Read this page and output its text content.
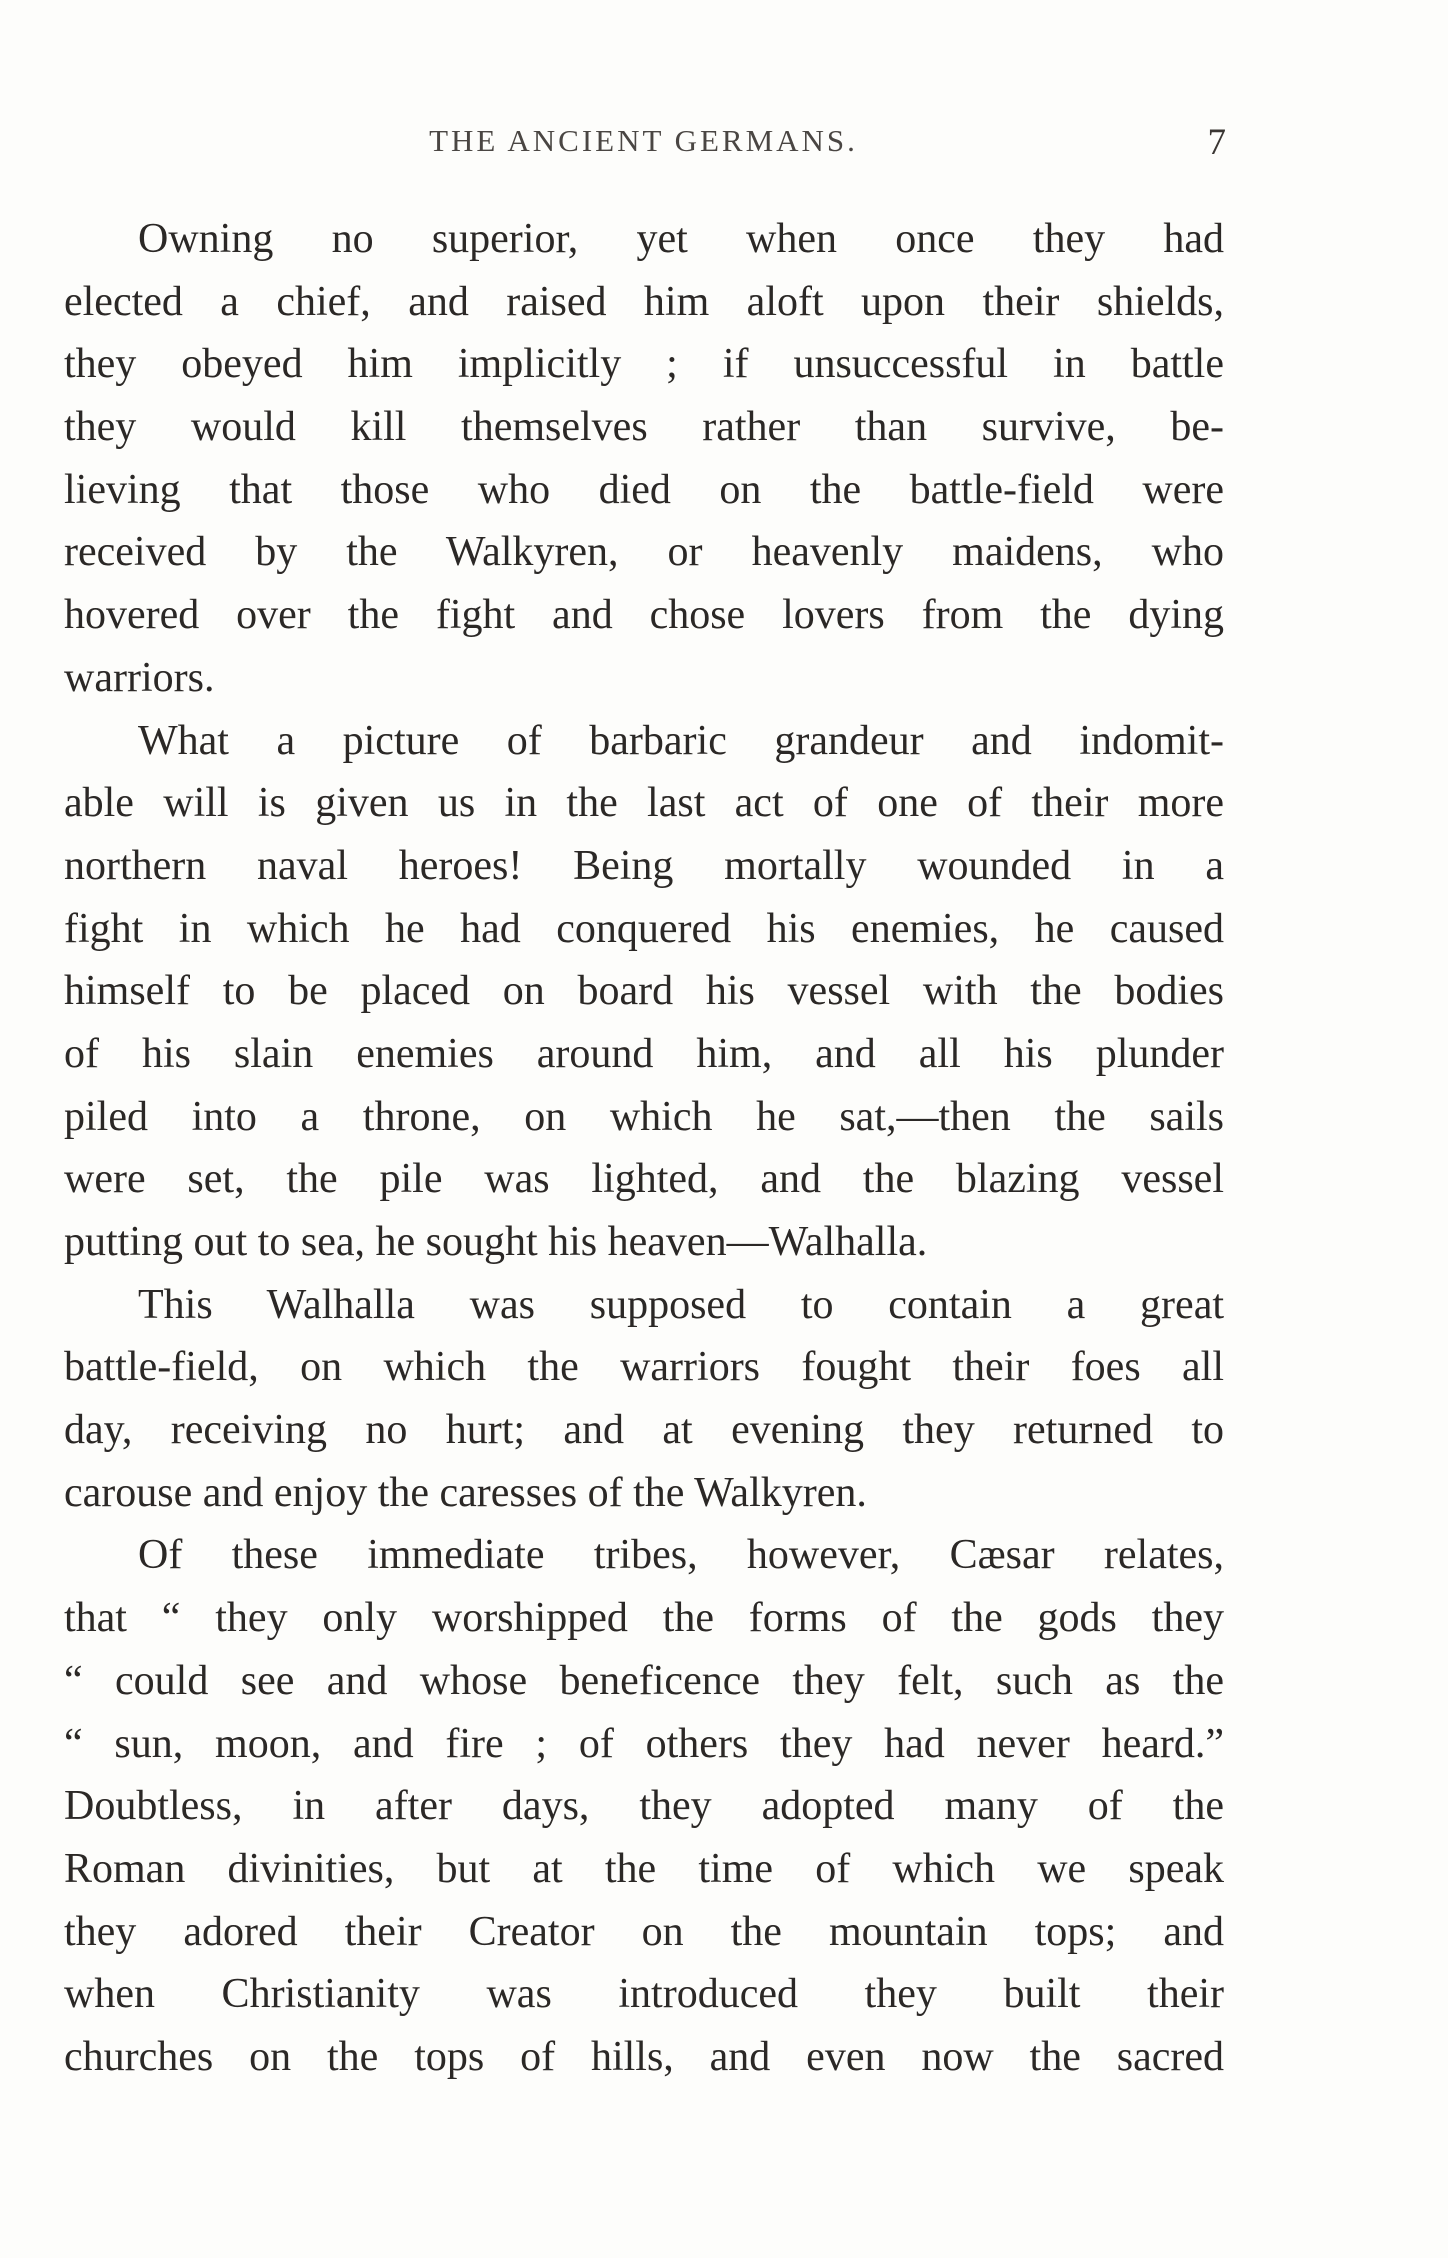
THE ANCIENT GERMANS.	7
Owning no superior, yet when once they had
elected a chief, and raised him aloft upon their shields,
they obeyed him implicitly ; if unsuccessful in battle
they would kill themselves rather than survive, be-
lieving that those who died on the battle-field were
received by the Walkyren, or heavenly maidens, who
hovered over the fight and chose lovers from the dying
warriors.
What a picture of barbaric grandeur and indomit-
able will is given us in the last act of one of their more
northern naval heroes! Being mortally wounded in a
fight in which he had conquered his enemies, he caused
himself to be placed on board his vessel with the bodies
of his slain enemies around him, and all his plunder
piled into a throne, on which he sat,—then the sails
were set, the pile was lighted, and the blazing vessel
putting out to sea, he sought his heaven—Walhalla.
This Walhalla was supposed to contain a great
battle-field, on which the warriors fought their foes all
day, receiving no hurt; and at evening they returned to
carouse and enjoy the caresses of the Walkyren.
Of these immediate tribes, however, Cæsar relates,
that “ they only worshipped the forms of the gods they
“ could see and whose beneficence they felt, such as the
“ sun, moon, and fire ; of others they had never heard.”
Doubtless, in after days, they adopted many of the
Roman divinities, but at the time of which we speak
they adored their Creator on the mountain tops; and
when Christianity was introduced they built their
churches on the tops of hills, and even now the sacred
